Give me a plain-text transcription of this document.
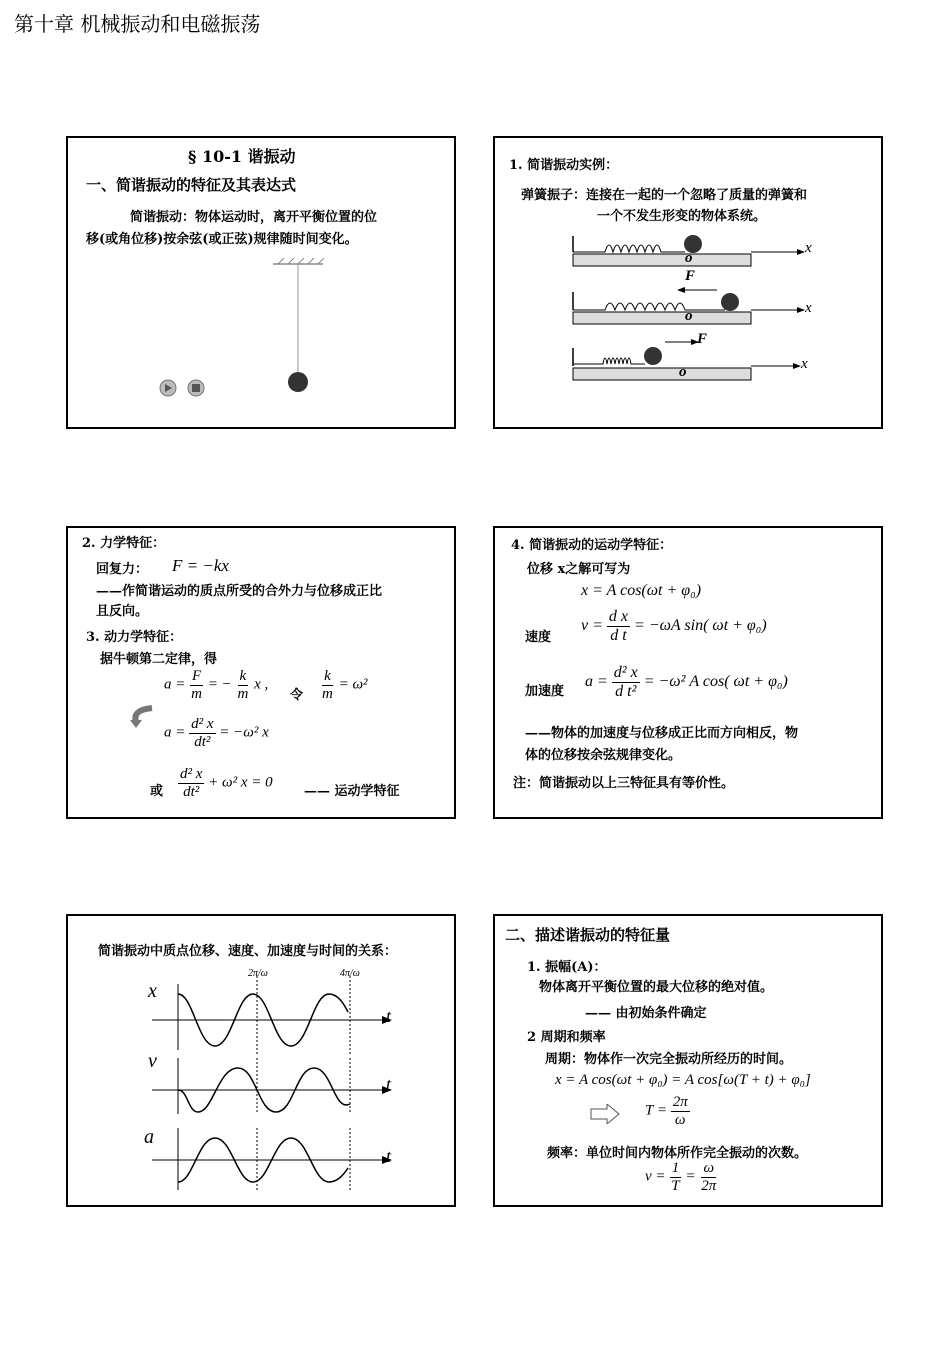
第十章 机械振动和电磁振荡
§ 10-1 谐振动
一、简谐振动的特征及其表达式
简谐振动：物体运动时，离开平衡位置的位
移(或角位移)按余弦(或正弦)规律随时间变化。
1. 简谐振动实例：
弹簧振子：连接在一起的一个忽略了质量的弹簧和
一个不发生形变的物体系统。
x
o
F
x
o
F
x
o
2. 力学特征：
回复力： F = −kx
——作简谐运动的质点所受的合外力与位移成正比
且反向。
3. 动力学特征：
据牛顿第二定律，得
$a = \frac{F}{m}$ = − $\frac{k}{m}$ x ,
令 $\frac{k}{m} = \omega^2$
$a = \frac{\text{d² x}}{\text{dt²}} = -\omega^2$ x
或 $\frac{\text{d² x}}{\text{dt²}} + \omega^2$ x = 0
—— 运动学特征
4. 简谐振动的运动学特征：
位移 x之解可写为
x = A cos(ωt + φ₀)
速度
$v = \frac{\text{d x}}{\text{d t}} = -\omega A$ sin( ωt + φ₀)
加速度
$a = \frac{\text{d² x}}{\text{d t²}} = -\omega^2$ A cos( ωt + φ₀)
——物体的加速度与位移成正比而方向相反，物
体的位移按余弦规律变化。
注：简谐振动以上三特征具有等价性。
简谐振动中质点位移、速度、加速度与时间的关系：
2π/ω	4π/ω
x
t
v
t
a
t
二、描述谐振动的特征量
1. 振幅(A)：
物体离开平衡位置的最大位移的绝对值。
—— 由初始条件确定
2 周期和频率
周期：物体作一次完全振动所经历的时间。
x = A cos(ωt + φ₀) = A cos[ω(T + t) + φ₀]
$T = \frac{2\pi}{\omega}$
频率：单位时间内物体所作完全振动的次数。
$\nu = \frac{1}{T} = \frac{\omega}{2\pi}$
